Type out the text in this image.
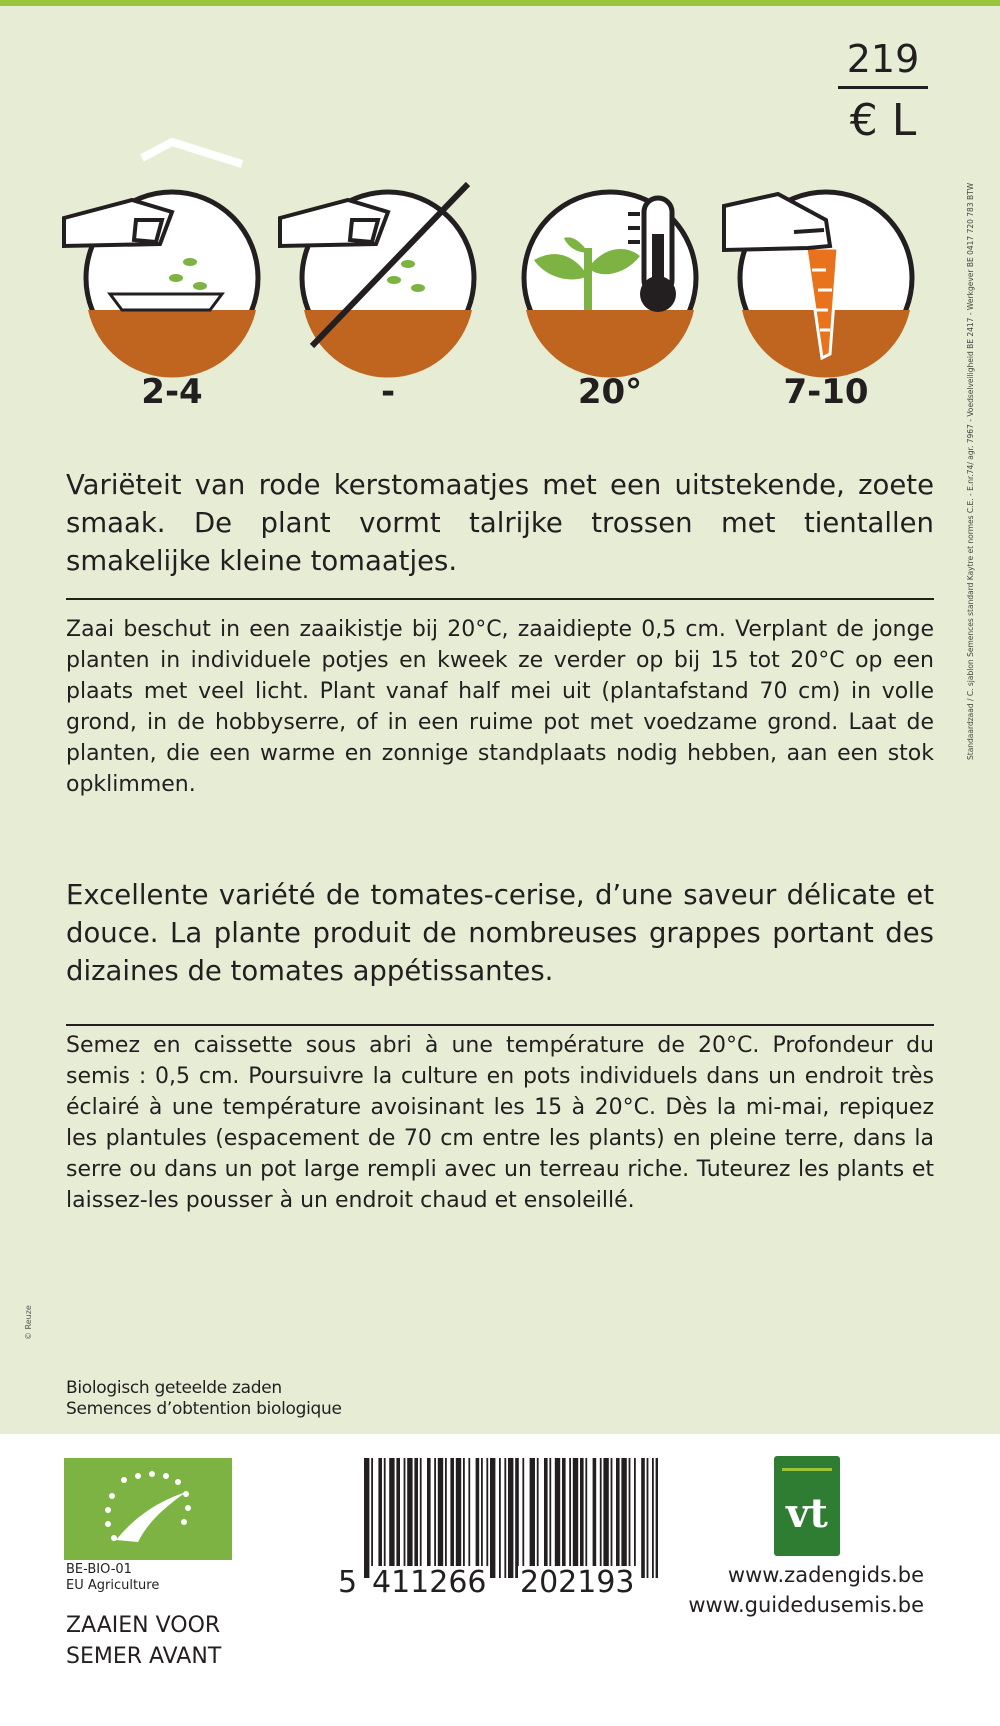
219
€ L
2-4	-	20°	7-10
Variëteit van rode kerstomaatjes met een uitstekende, zoete smaak. De plant vormt talrijke trossen met tientallen smakelijke kleine tomaatjes.
Zaai beschut in een zaaikistje bij 20°C, zaaidiepte 0,5 cm. Verplant de jonge planten in individuele potjes en kweek ze verder op bij 15 tot 20°C op een plaats met veel licht. Plant vanaf half mei uit (plantafstand 70 cm) in volle grond, in de hobbyserre, of in een ruime pot met voedzame grond. Laat de planten, die een warme en zonnige standplaats nodig hebben, aan een stok opklimmen.
Excellente variété de tomates-cerise, d’une saveur délicate et douce. La plante produit de nombreuses grappes portant des dizaines de tomates appétissantes.
Semez en caissette sous abri à une température de 20°C. Profondeur du semis : 0,5 cm. Poursuivre la culture en pots individuels dans un endroit très éclairé à une température avoisinant les 15 à 20°C. Dès la mi-mai, repiquez les plantules (espacement de 70 cm entre les plants) en pleine terre, dans la serre ou dans un pot large rempli avec un terreau riche. Tuteurez les plants et laissez-les pousser à un endroit chaud et ensoleillé.
Standaardzaad / C. sjablon Semences standard Kaytre et normes C.E. - E.nr.74/ agr. 7967 - Voedselveiligheid BE 2417 - Werkgever BE 0417 720 783 BTW
© Reuze
Biologisch geteelde zaden
Semences d’obtention biologique
BE-BIO-01
EU Agriculture
ZAAIEN VOOR
SEMER AVANT
5 411266 202193
vt
www.zadengids.be
www.guidedusemis.be
